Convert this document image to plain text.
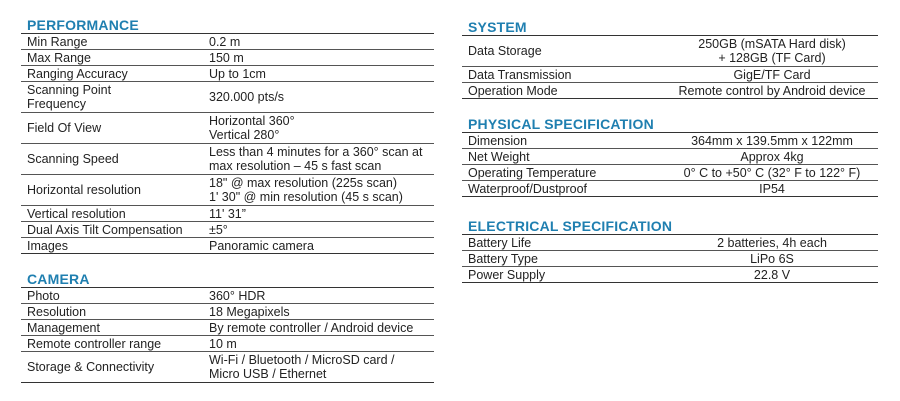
PERFORMANCE
Min Range	0.2 m
Max Range	150 m
Ranging Accuracy	Up to 1cm
Scanning Point
Frequency	320.000 pts/s
Field Of View	Horizontal 360°
Vertical 280°
Scanning Speed	Less than 4 minutes for a 360° scan at
max resolution – 45 s fast scan
Horizontal resolution	18" @ max resolution (225s scan)
1' 30" @ min resolution (45 s scan)
Vertical resolution	11' 31”
Dual Axis Tilt Compensation	±5°
Images	Panoramic camera
CAMERA
Photo	360° HDR
Resolution	18 Megapixels
Management	By remote controller / Android device
Remote controller range	10 m
Storage & Connectivity	Wi-Fi / Bluetooth / MicroSD card /
Micro USB / Ethernet
SYSTEM
Data Storage	250GB (mSATA Hard disk)
+ 128GB (TF Card)
Data Transmission	GigE/TF Card
Operation Mode	Remote control by Android device
PHYSICAL SPECIFICATION
Dimension	364mm x 139.5mm x 122mm
Net Weight	Approx 4kg
Operating Temperature	0° C to +50° C (32° F to 122° F)
Waterproof/Dustproof	IP54
ELECTRICAL SPECIFICATION
Battery Life	2 batteries, 4h each
Battery Type	LiPo 6S
Power Supply	22.8 V
